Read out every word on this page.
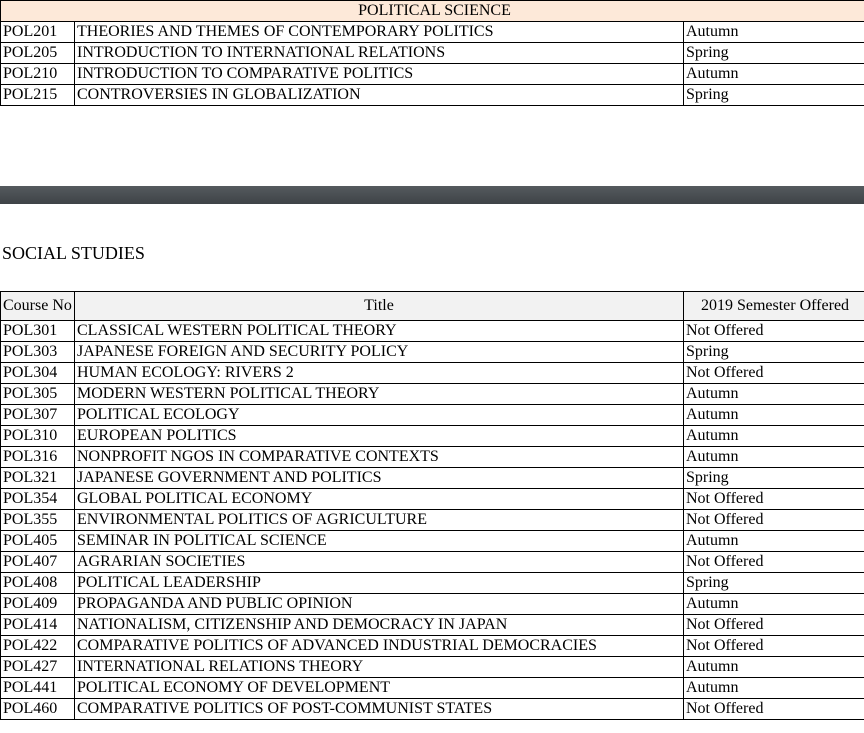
POLITICAL SCIENCE		
POL201	THEORIES AND THEMES OF CONTEMPORARY POLITICS	Autumn
POL205	INTRODUCTION TO INTERNATIONAL RELATIONS	Spring
POL210	INTRODUCTION TO COMPARATIVE POLITICS	Autumn
POL215	CONTROVERSIES IN GLOBALIZATION	Spring
SOCIAL STUDIES
Course No	Title	2019 Semester Offered
POL301	CLASSICAL WESTERN POLITICAL THEORY	Not Offered
POL303	JAPANESE FOREIGN AND SECURITY POLICY	Spring
POL304	HUMAN ECOLOGY: RIVERS 2	Not Offered
POL305	MODERN WESTERN POLITICAL THEORY	Autumn
POL307	POLITICAL ECOLOGY	Autumn
POL310	EUROPEAN POLITICS	Autumn
POL316	NONPROFIT NGOS IN COMPARATIVE CONTEXTS	Autumn
POL321	JAPANESE GOVERNMENT AND POLITICS	Spring
POL354	GLOBAL POLITICAL ECONOMY	Not Offered
POL355	ENVIRONMENTAL POLITICS OF AGRICULTURE	Not Offered
POL405	SEMINAR IN POLITICAL SCIENCE	Autumn
POL407	AGRARIAN SOCIETIES	Not Offered
POL408	POLITICAL LEADERSHIP	Spring
POL409	PROPAGANDA AND PUBLIC OPINION	Autumn
POL414	NATIONALISM, CITIZENSHIP AND DEMOCRACY IN JAPAN	Not Offered
POL422	COMPARATIVE POLITICS OF ADVANCED INDUSTRIAL DEMOCRACIES	Not Offered
POL427	INTERNATIONAL RELATIONS THEORY	Autumn
POL441	POLITICAL ECONOMY OF DEVELOPMENT	Autumn
POL460	COMPARATIVE POLITICS OF POST-COMMUNIST STATES	Not Offered
